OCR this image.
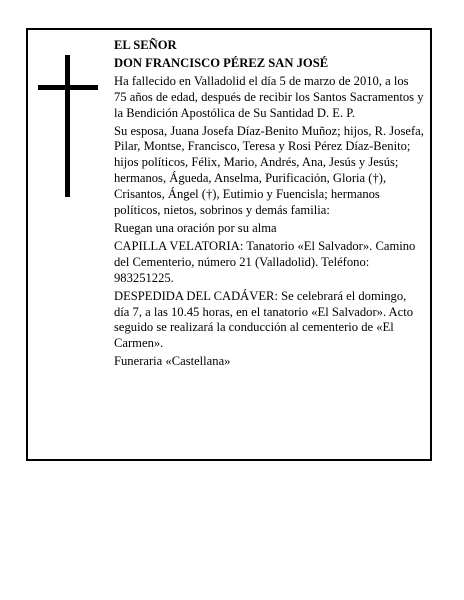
EL SEÑOR

DON FRANCISCO PÉREZ SAN JOSÉ

Ha fallecido en Valladolid el día 5 de marzo de 2010, a los 75 años de edad, después de recibir los Santos Sacramentos y la Bendición Apostólica de Su Santidad D. E. P.

Su esposa, Juana Josefa Díaz-Benito Muñoz; hijos, R. Josefa, Pilar, Montse, Francisco, Teresa y Rosi Pérez Díaz-Benito; hijos políticos, Félix, Mario, Andrés, Ana, Jesús y Jesús; hermanos, Águeda, Anselma, Purificación, Gloria (†), Crisantos, Ángel (†), Eutimio y Fuencisla; hermanos políticos, nietos, sobrinos y demás familia:

Ruegan una oración por su alma

CAPILLA VELATORIA: Tanatorio «El Salvador». Camino del Cementerio, número 21 (Valladolid). Teléfono: 983251225.

DESPEDIDA DEL CADÁVER: Se celebrará el domingo, día 7, a las 10.45 horas, en el tanatorio «El Salvador». Acto seguido se realizará la conducción al cementerio de «El Carmen».

Funeraria «Castellana»
